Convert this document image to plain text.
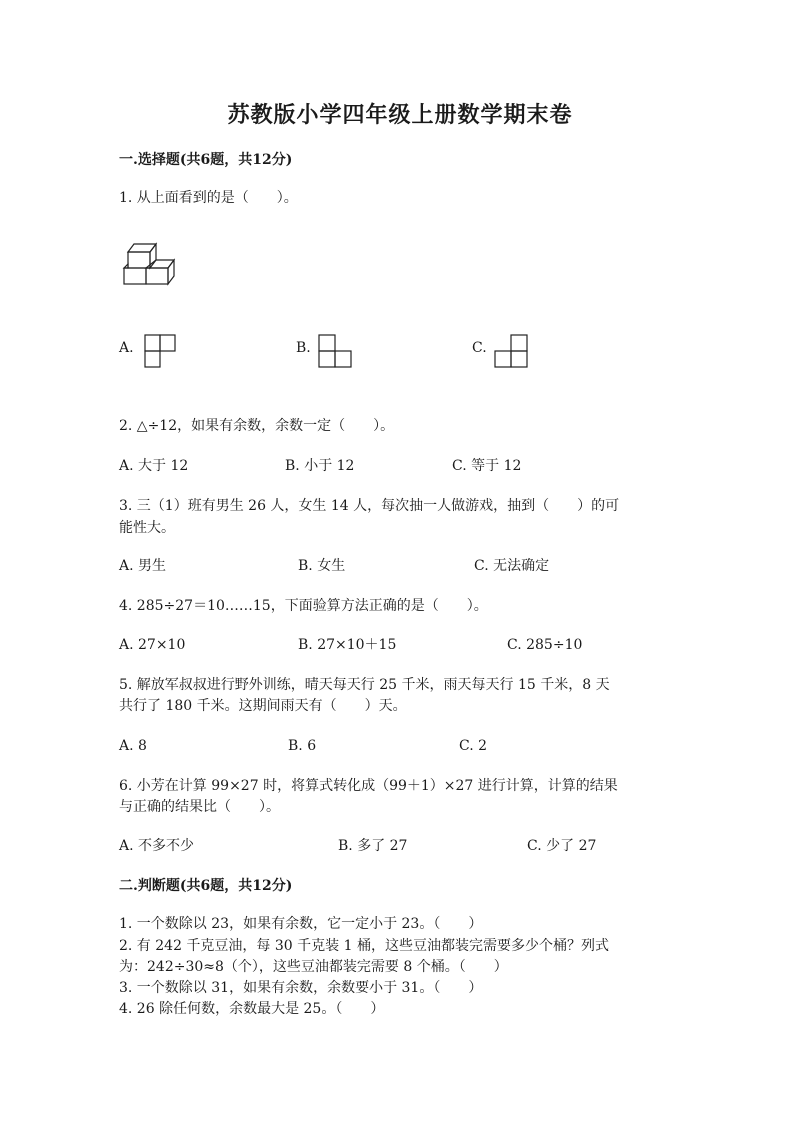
苏教版小学四年级上册数学期末卷
一.选择题(共6题，共12分)
1. 从上面看到的是（　　）。
A.	B.	C.
2. △÷12，如果有余数，余数一定（　　）。
A. 大于 12	B. 小于 12	C. 等于 12
3. 三（1）班有男生 26 人，女生 14 人，每次抽一人做游戏，抽到（　　）的可
能性大。
A. 男生	B. 女生	C. 无法确定
4. 285÷27＝10……15，下面验算方法正确的是（　　）。
A. 27×10	B. 27×10＋15	C. 285÷10
5. 解放军叔叔进行野外训练，晴天每天行 25 千米，雨天每天行 15 千米，8 天
共行了 180 千米。这期间雨天有（　　）天。
A. 8	B. 6	C. 2
6. 小芳在计算 99×27 时，将算式转化成（99＋1）×27 进行计算，计算的结果
与正确的结果比（　　）。
A. 不多不少	B. 多了 27	C. 少了 27
二.判断题(共6题，共12分)
1. 一个数除以 23，如果有余数，它一定小于 23。（　　）
2. 有 242 千克豆油，每 30 千克装 1 桶，这些豆油都装完需要多少个桶？列式
为：242÷30≈8（个），这些豆油都装完需要 8 个桶。（　　）
3. 一个数除以 31，如果有余数，余数要小于 31。（　　）
4. 26 除任何数，余数最大是 25。（　　）
